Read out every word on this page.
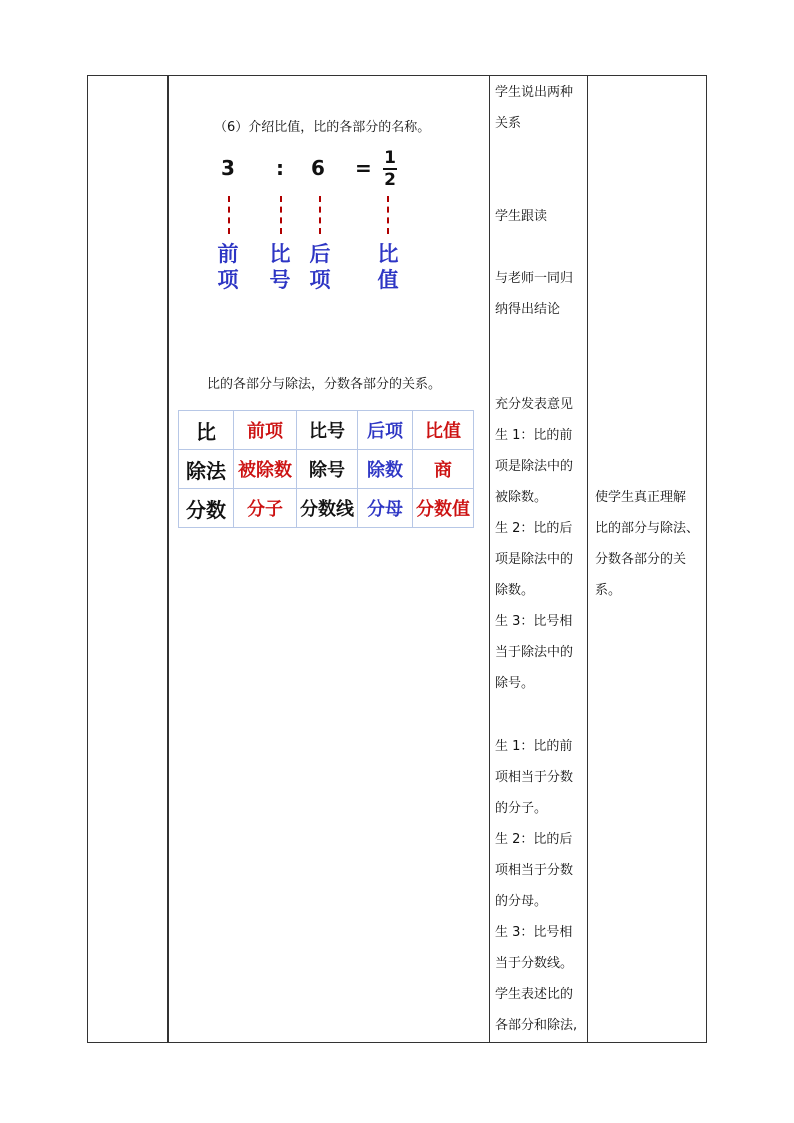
（6）介绍比值，比的各部分的名称。
3 : 6 = 1
2
前
项
比
号
后
项
比
值
比的各部分与除法，分数各部分的关系。
比	前项	比号	后项	比值
除法	被除数	除号	除数	商
分数	分子	分数线	分母	分数值

学生说出两种

关系

学生跟读

与老师一同归

纳得出结论

充分发表意见

生 1：比的前

项是除法中的

被除数。

生 2：比的后

项是除法中的

除数。

生 3：比号相

当于除法中的

除号。

生 1：比的前

项相当于分数

的分子。

生 2：比的后

项相当于分数

的分母。

生 3：比号相

当于分数线。

学生表述比的

各部分和除法,

使学生真正理解

比的部分与除法、

分数各部分的关

系。
